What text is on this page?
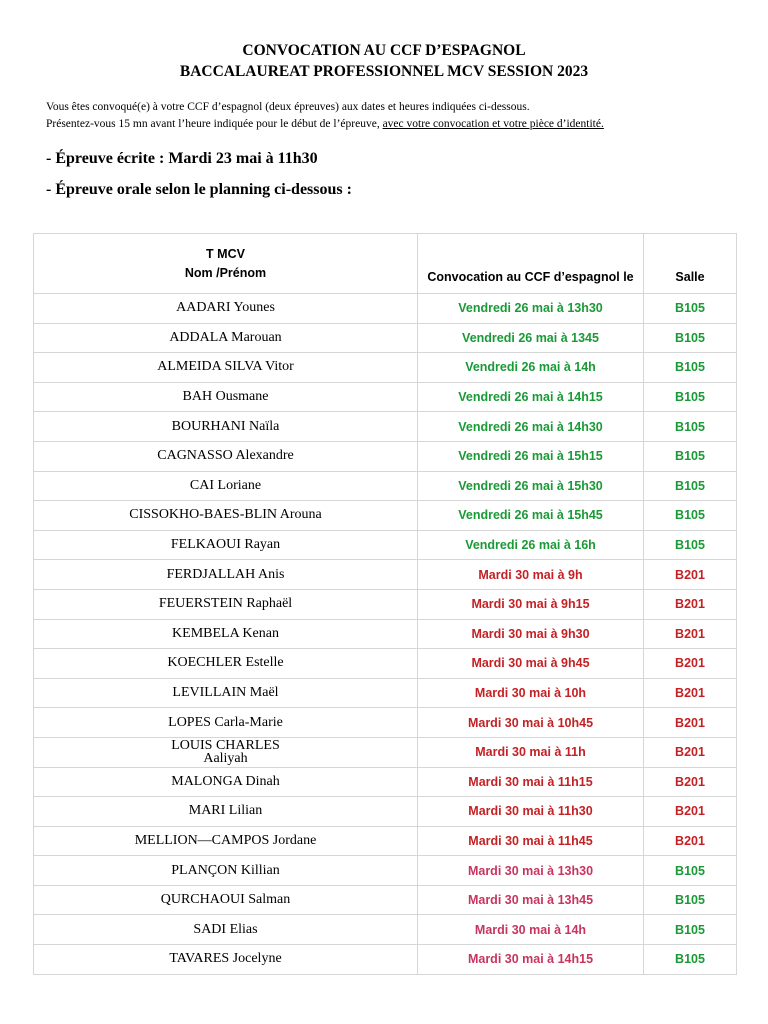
CONVOCATION AU CCF D’ESPAGNOL
BACCALAUREAT PROFESSIONNEL MCV SESSION 2023
Vous êtes convoqué(e) à votre CCF d’espagnol (deux épreuves) aux dates et heures indiquées ci-dessous.
Présentez-vous 15 mn avant l’heure indiquée pour le début de l’épreuve, avec votre convocation et votre pièce d’identité.
- Épreuve écrite : Mardi 23 mai à 11h30
- Épreuve orale selon le planning ci-dessous :
T MCV
Nom /Prénom	Convocation au CCF d’espagnol le	Salle

AADARI Younes	Vendredi 26 mai à 13h30	B105

ADDALA Marouan	Vendredi 26 mai à 1345	B105

ALMEIDA SILVA Vitor	Vendredi 26 mai à 14h	B105

BAH Ousmane	Vendredi 26 mai à 14h15	B105

BOURHANI Naïla	Vendredi 26 mai à 14h30	B105

CAGNASSO Alexandre	Vendredi 26 mai à 15h15	B105

CAI Loriane	Vendredi 26 mai à 15h30	B105

CISSOKHO-BAES-BLIN Arouna	Vendredi 26 mai à 15h45	B105

FELKAOUI Rayan	Vendredi 26 mai à 16h	B105

FERDJALLAH Anis	Mardi 30 mai à 9h	B201

FEUERSTEIN Raphaël	Mardi 30 mai à 9h15	B201

KEMBELA Kenan	Mardi 30 mai à 9h30	B201

KOECHLER Estelle	Mardi 30 mai à 9h45	B201

LEVILLAIN Maël	Mardi 30 mai à 10h	B201

LOPES Carla-Marie	Mardi 30 mai à 10h45	B201

LOUIS CHARLES
Aaliyah	Mardi 30 mai à 11h	B201

MALONGA Dinah	Mardi 30 mai à 11h15	B201

MARI Lilian	Mardi 30 mai à 11h30	B201

MELLION—CAMPOS Jordane	Mardi 30 mai à 11h45	B201

PLANÇON Killian	Mardi 30 mai à 13h30	B105

QURCHAOUI Salman	Mardi 30 mai à 13h45	B105

SADI Elias	Mardi 30 mai à 14h	B105

TAVARES Jocelyne	Mardi 30 mai à 14h15	B105
